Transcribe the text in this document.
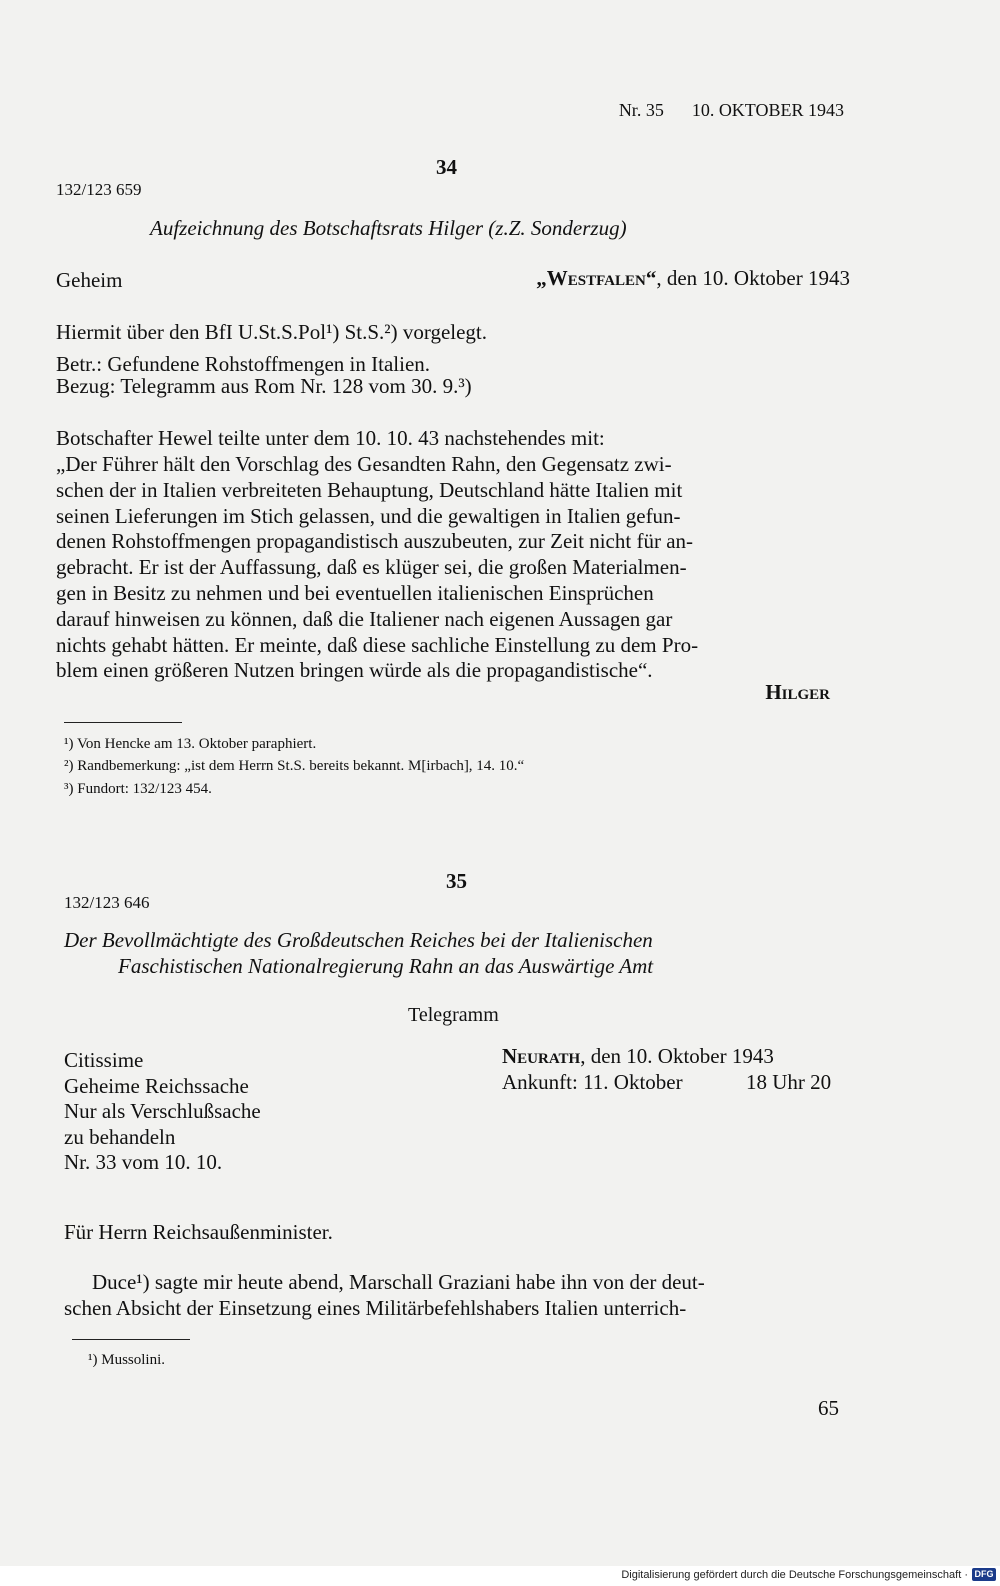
Nr. 35 10. OKTOBER 1943
34
132/123 659
Aufzeichnung des Botschaftsrats Hilger (z.Z. Sonderzug)
Geheim	„Westfalen“, den 10. Oktober 1943
Hiermit über den BfI U.St.S.Pol¹) St.S.²) vorgelegt.
Betr.: Gefundene Rohstoffmengen in Italien.
Bezug: Telegramm aus Rom Nr. 128 vom 30. 9.³)
Botschafter Hewel teilte unter dem 10. 10. 43 nachstehendes mit:
„Der Führer hält den Vorschlag des Gesandten Rahn, den Gegensatz zwi-
schen der in Italien verbreiteten Behauptung, Deutschland hätte Italien mit
seinen Lieferungen im Stich gelassen, und die gewaltigen in Italien gefun-
denen Rohstoffmengen propagandistisch auszubeuten, zur Zeit nicht für an-
gebracht. Er ist der Auffassung, daß es klüger sei, die großen Materialmen-
gen in Besitz zu nehmen und bei eventuellen italienischen Einsprüchen
darauf hinweisen zu können, daß die Italiener nach eigenen Aussagen gar
nichts gehabt hätten. Er meinte, daß diese sachliche Einstellung zu dem Pro-
blem einen größeren Nutzen bringen würde als die propagandistische“.
Hilger
¹) Von Hencke am 13. Oktober paraphiert.
²) Randbemerkung: „ist dem Herrn St.S. bereits bekannt. M[irbach], 14. 10.“
³) Fundort: 132/123 454.
35
132/123 646
Der Bevollmächtigte des Großdeutschen Reiches bei der Italienischen
Faschistischen Nationalregierung Rahn an das Auswärtige Amt
Telegramm
Citissime
Geheime Reichssache
Nur als Verschlußsache
zu behandeln
Nr. 33 vom 10. 10.
Neurath, den 10. Oktober 1943
Ankunft: 11. Oktober	18 Uhr 20
Für Herrn Reichsaußenminister.
Duce¹) sagte mir heute abend, Marschall Graziani habe ihn von der deut-
schen Absicht der Einsetzung eines Militärbefehlshabers Italien unterrich-
¹) Mussolini.
65
Digitalisierung gefördert durch die Deutsche Forschungsgemeinschaft · DFG
